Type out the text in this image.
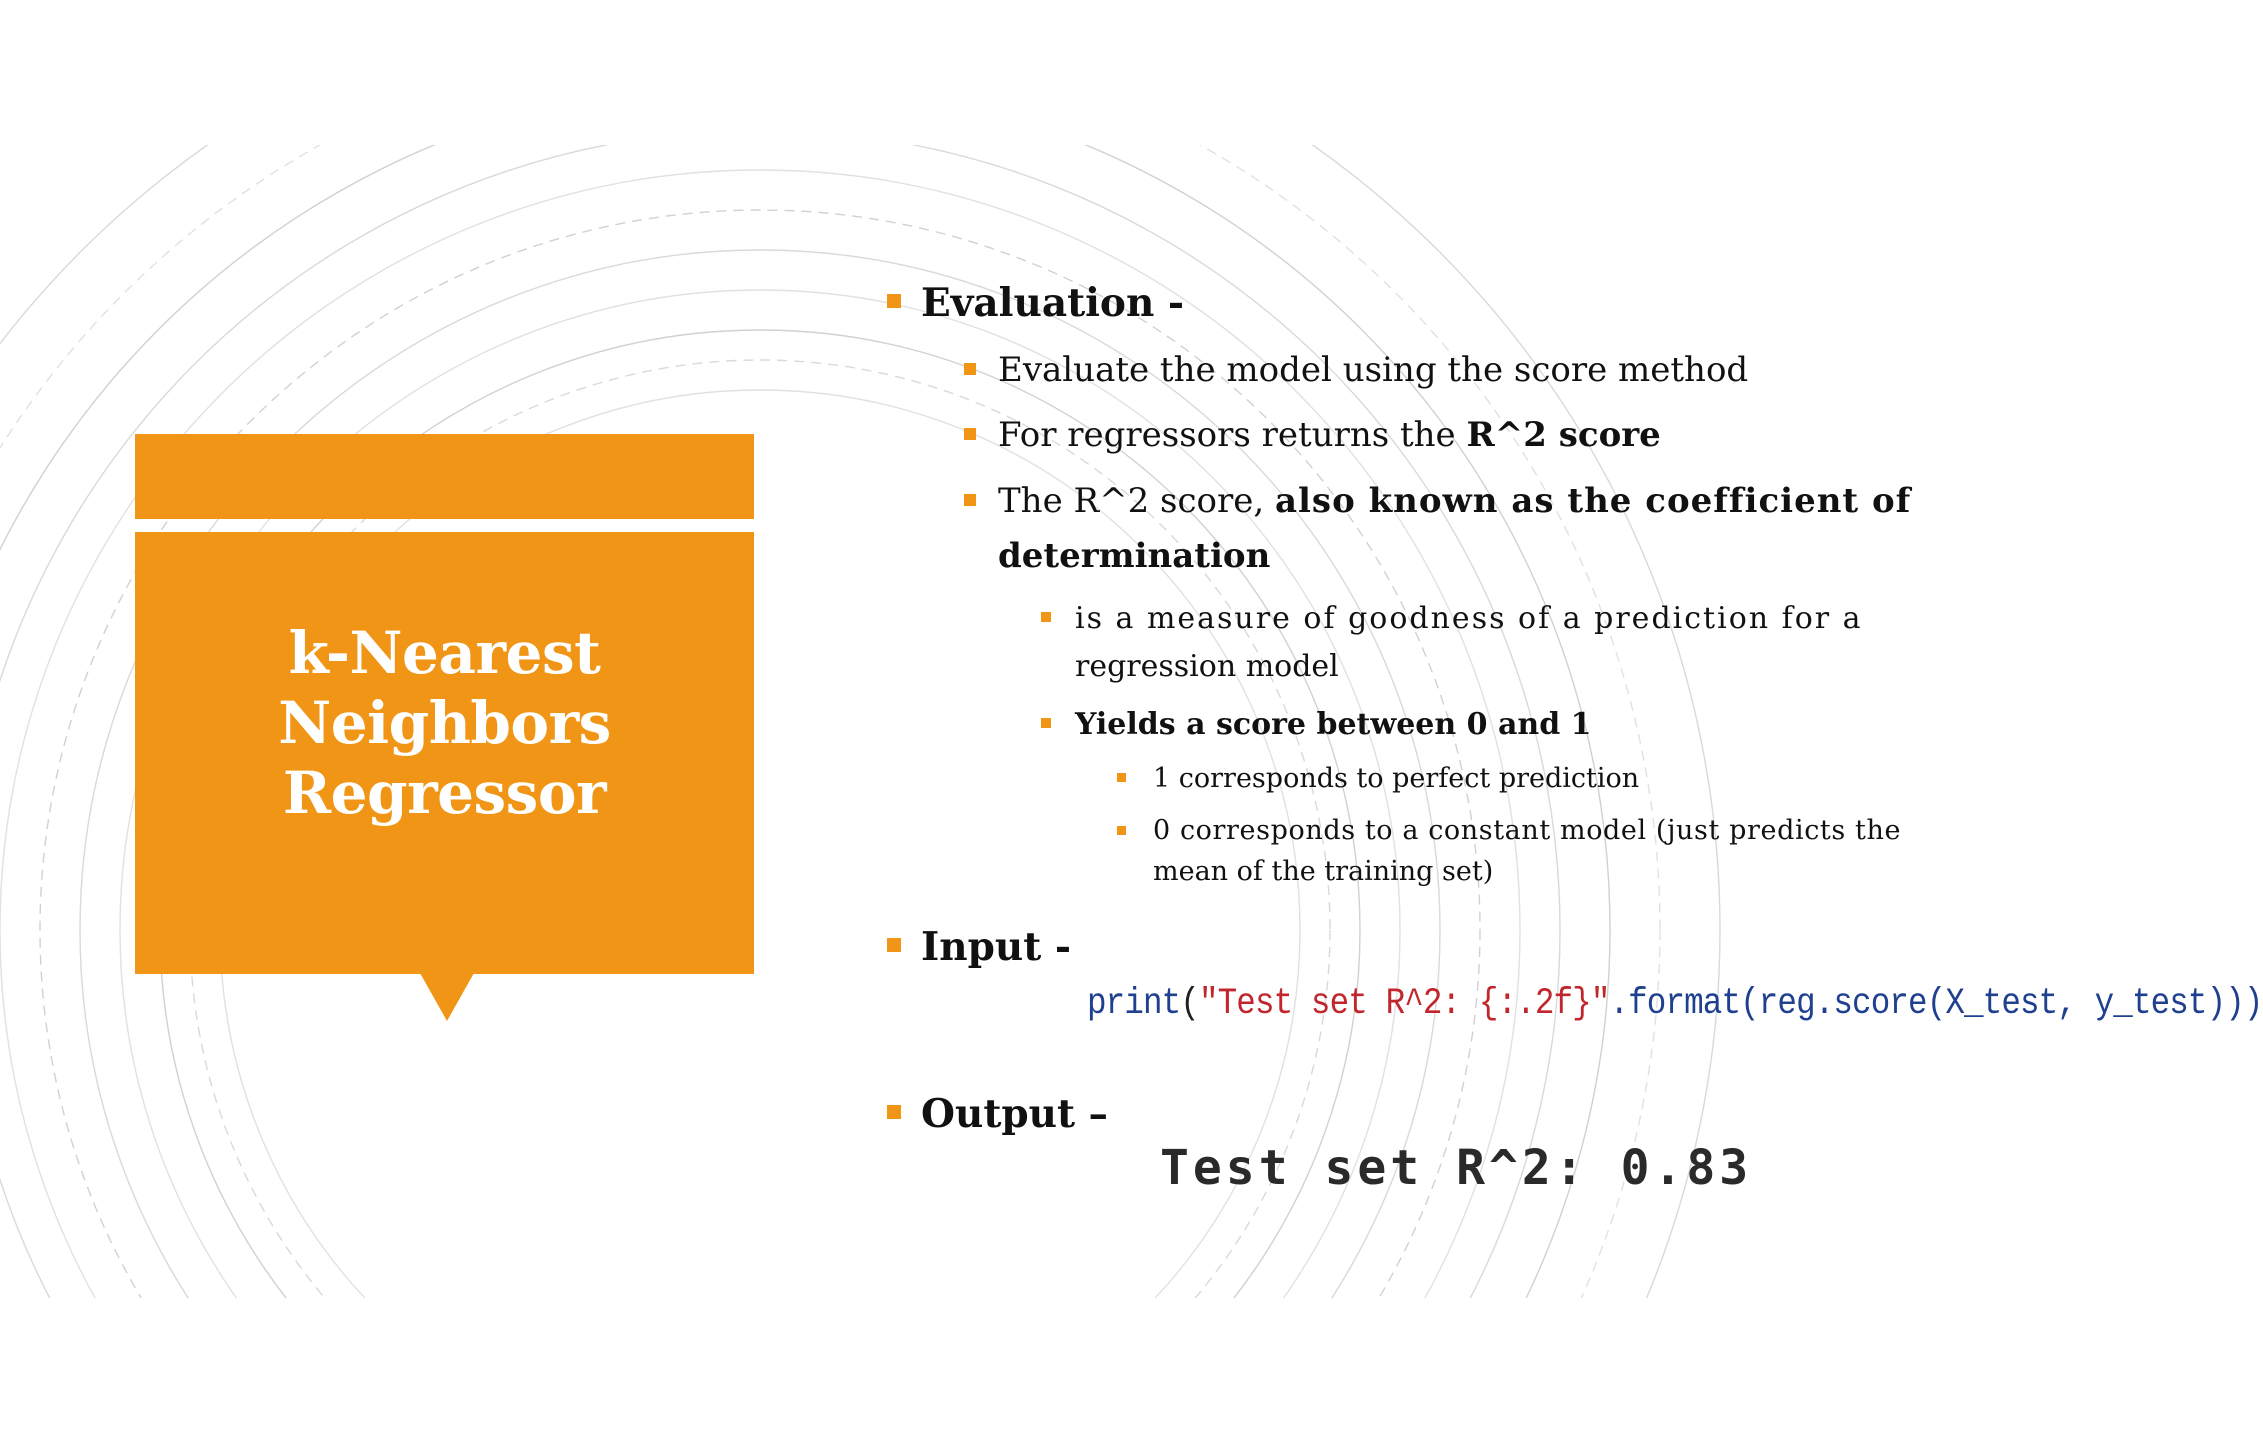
k-Nearest
Neighbors
Regressor
Evaluation -
Evaluate the model using the score method
For regressors returns the R^2 score
The R^2 score, also known as the coefficient of
determination
is a measure of goodness of a prediction for a
regression model
Yields a score between 0 and 1
1 corresponds to perfect prediction
0 corresponds to a constant model (just predicts the
mean of the training set)
Input -
print("Test set R^2: {:.2f}".format(reg.score(X_test, y_test)))
Output –
Test set R^2: 0.83
